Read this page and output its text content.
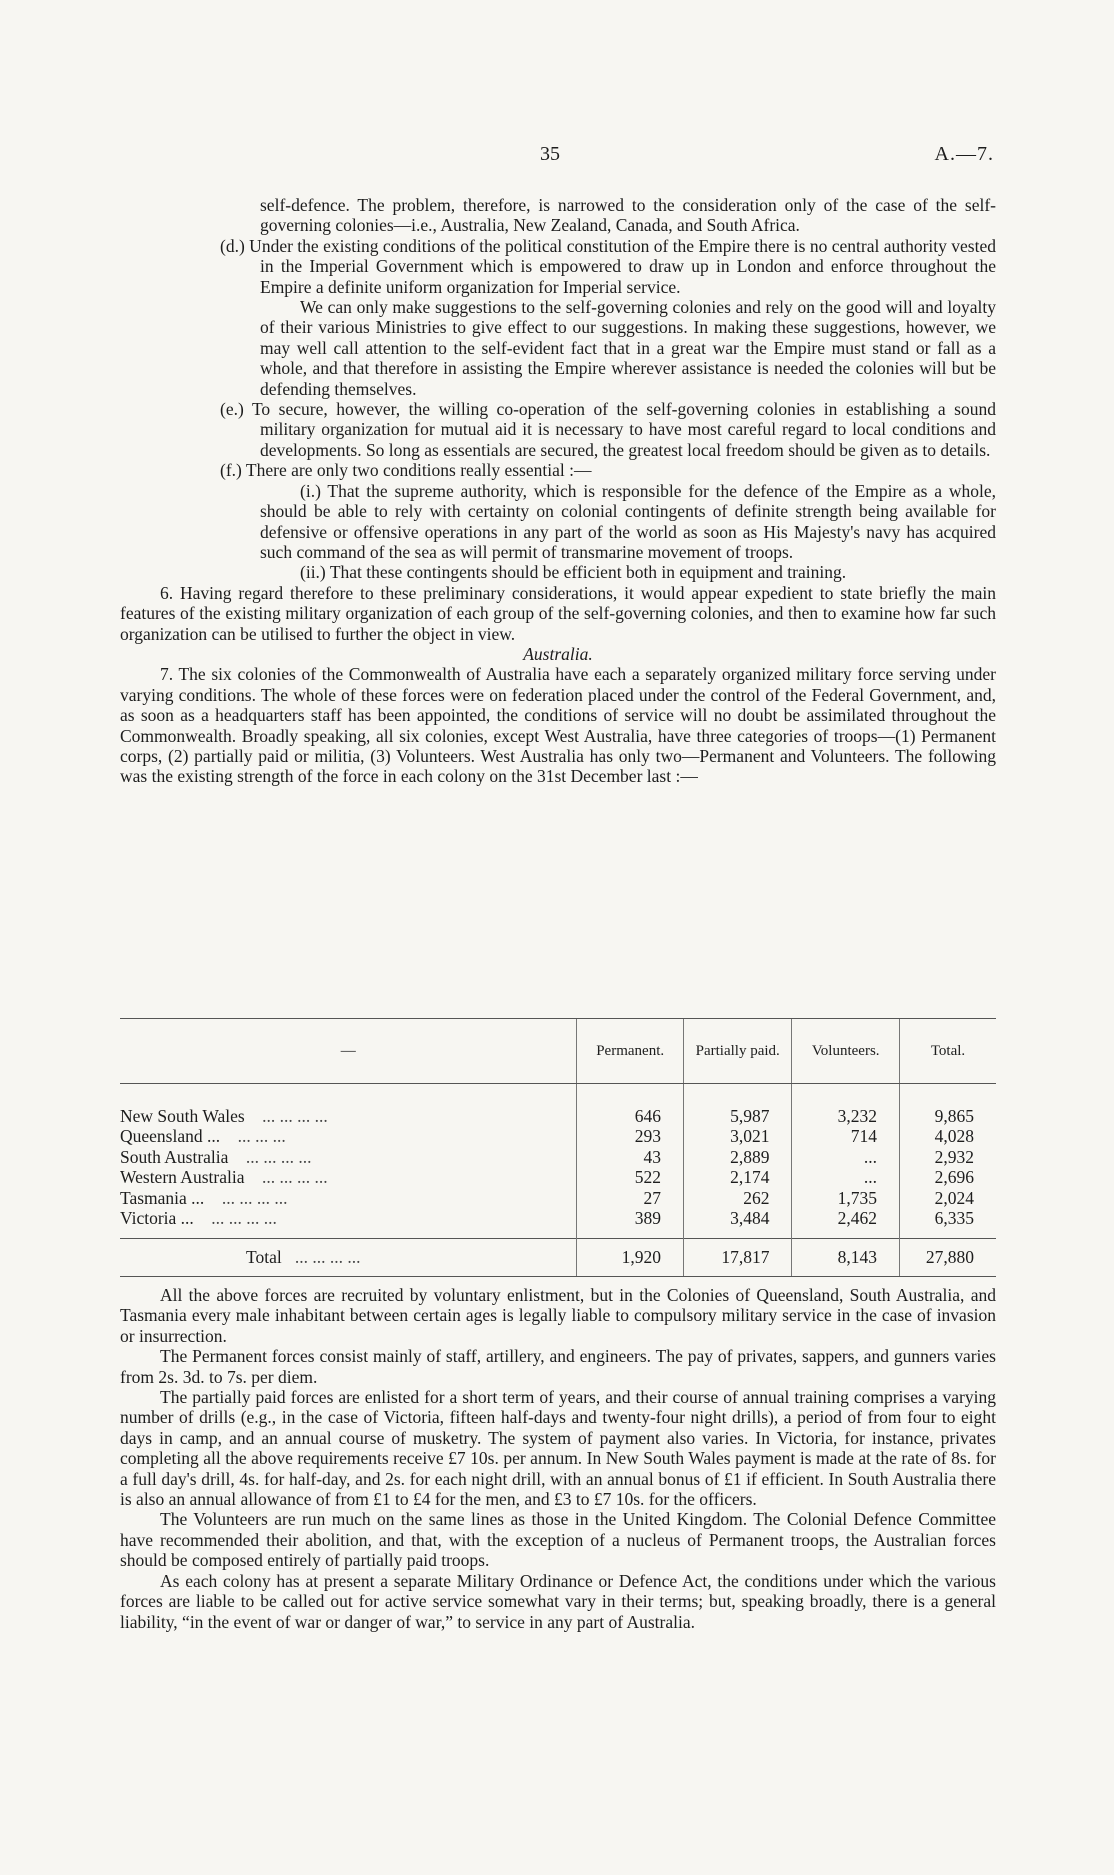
35	A.—7.

self-defence. The problem, therefore, is narrowed to the consideration only of the case of the self-governing colonies—i.e., Australia, New Zealand, Canada, and South Africa.

(d.) Under the existing conditions of the political constitution of the Empire there is no central authority vested in the Imperial Government which is empowered to draw up in London and enforce throughout the Empire a definite uniform organization for Imperial service.

We can only make suggestions to the self-governing colonies and rely on the good will and loyalty of their various Ministries to give effect to our suggestions. In making these suggestions, however, we may well call attention to the self-evident fact that in a great war the Empire must stand or fall as a whole, and that therefore in assisting the Empire wherever assistance is needed the colonies will but be defending themselves.

(e.) To secure, however, the willing co-operation of the self-governing colonies in establishing a sound military organization for mutual aid it is necessary to have most careful regard to local conditions and developments. So long as essentials are secured, the greatest local freedom should be given as to details.

(f.) There are only two conditions really essential :—

(i.) That the supreme authority, which is responsible for the defence of the Empire as a whole, should be able to rely with certainty on colonial contingents of definite strength being available for defensive or offensive operations in any part of the world as soon as His Majesty's navy has acquired such command of the sea as will permit of transmarine movement of troops.

(ii.) That these contingents should be efficient both in equipment and training.

6. Having regard therefore to these preliminary considerations, it would appear expedient to state briefly the main features of the existing military organization of each group of the self-governing colonies, and then to examine how far such organization can be utilised to further the object in view.

Australia.

7. The six colonies of the Commonwealth of Australia have each a separately organized military force serving under varying conditions. The whole of these forces were on federation placed under the control of the Federal Government, and, as soon as a headquarters staff has been appointed, the conditions of service will no doubt be assimilated throughout the Commonwealth. Broadly speaking, all six colonies, except West Australia, have three categories of troops—(1) Permanent corps, (2) partially paid or militia, (3) Volunteers. West Australia has only two—Permanent and Volunteers. The following was the existing strength of the force in each colony on the 31st December last :—

—	Permanent.	Partially paid.	Volunteers.	Total.
New South Wales ... ... ... ...	646	5,987	3,232	9,865
Queensland ... ... ... ...	293	3,021	714	4,028
South Australia ... ... ... ...	43	2,889	...	2,932
Western Australia ... ... ... ...	522	2,174	...	2,696
Tasmania ... ... ... ... ...	27	262	1,735	2,024
Victoria ... ... ... ... ...	389	3,484	2,462	6,335
Total ... ... ... ...	1,920	17,817	8,143	27,880

All the above forces are recruited by voluntary enlistment, but in the Colonies of Queensland, South Australia, and Tasmania every male inhabitant between certain ages is legally liable to compulsory military service in the case of invasion or insurrection.

The Permanent forces consist mainly of staff, artillery, and engineers. The pay of privates, sappers, and gunners varies from 2s. 3d. to 7s. per diem.

The partially paid forces are enlisted for a short term of years, and their course of annual training comprises a varying number of drills (e.g., in the case of Victoria, fifteen half-days and twenty-four night drills), a period of from four to eight days in camp, and an annual course of musketry. The system of payment also varies. In Victoria, for instance, privates completing all the above requirements receive £7 10s. per annum. In New South Wales payment is made at the rate of 8s. for a full day's drill, 4s. for half-day, and 2s. for each night drill, with an annual bonus of £1 if efficient. In South Australia there is also an annual allowance of from £1 to £4 for the men, and £3 to £7 10s. for the officers.

The Volunteers are run much on the same lines as those in the United Kingdom. The Colonial Defence Committee have recommended their abolition, and that, with the exception of a nucleus of Permanent troops, the Australian forces should be composed entirely of partially paid troops.

As each colony has at present a separate Military Ordinance or Defence Act, the conditions under which the various forces are liable to be called out for active service somewhat vary in their terms; but, speaking broadly, there is a general liability, “in the event of war or danger of war,” to service in any part of Australia.
